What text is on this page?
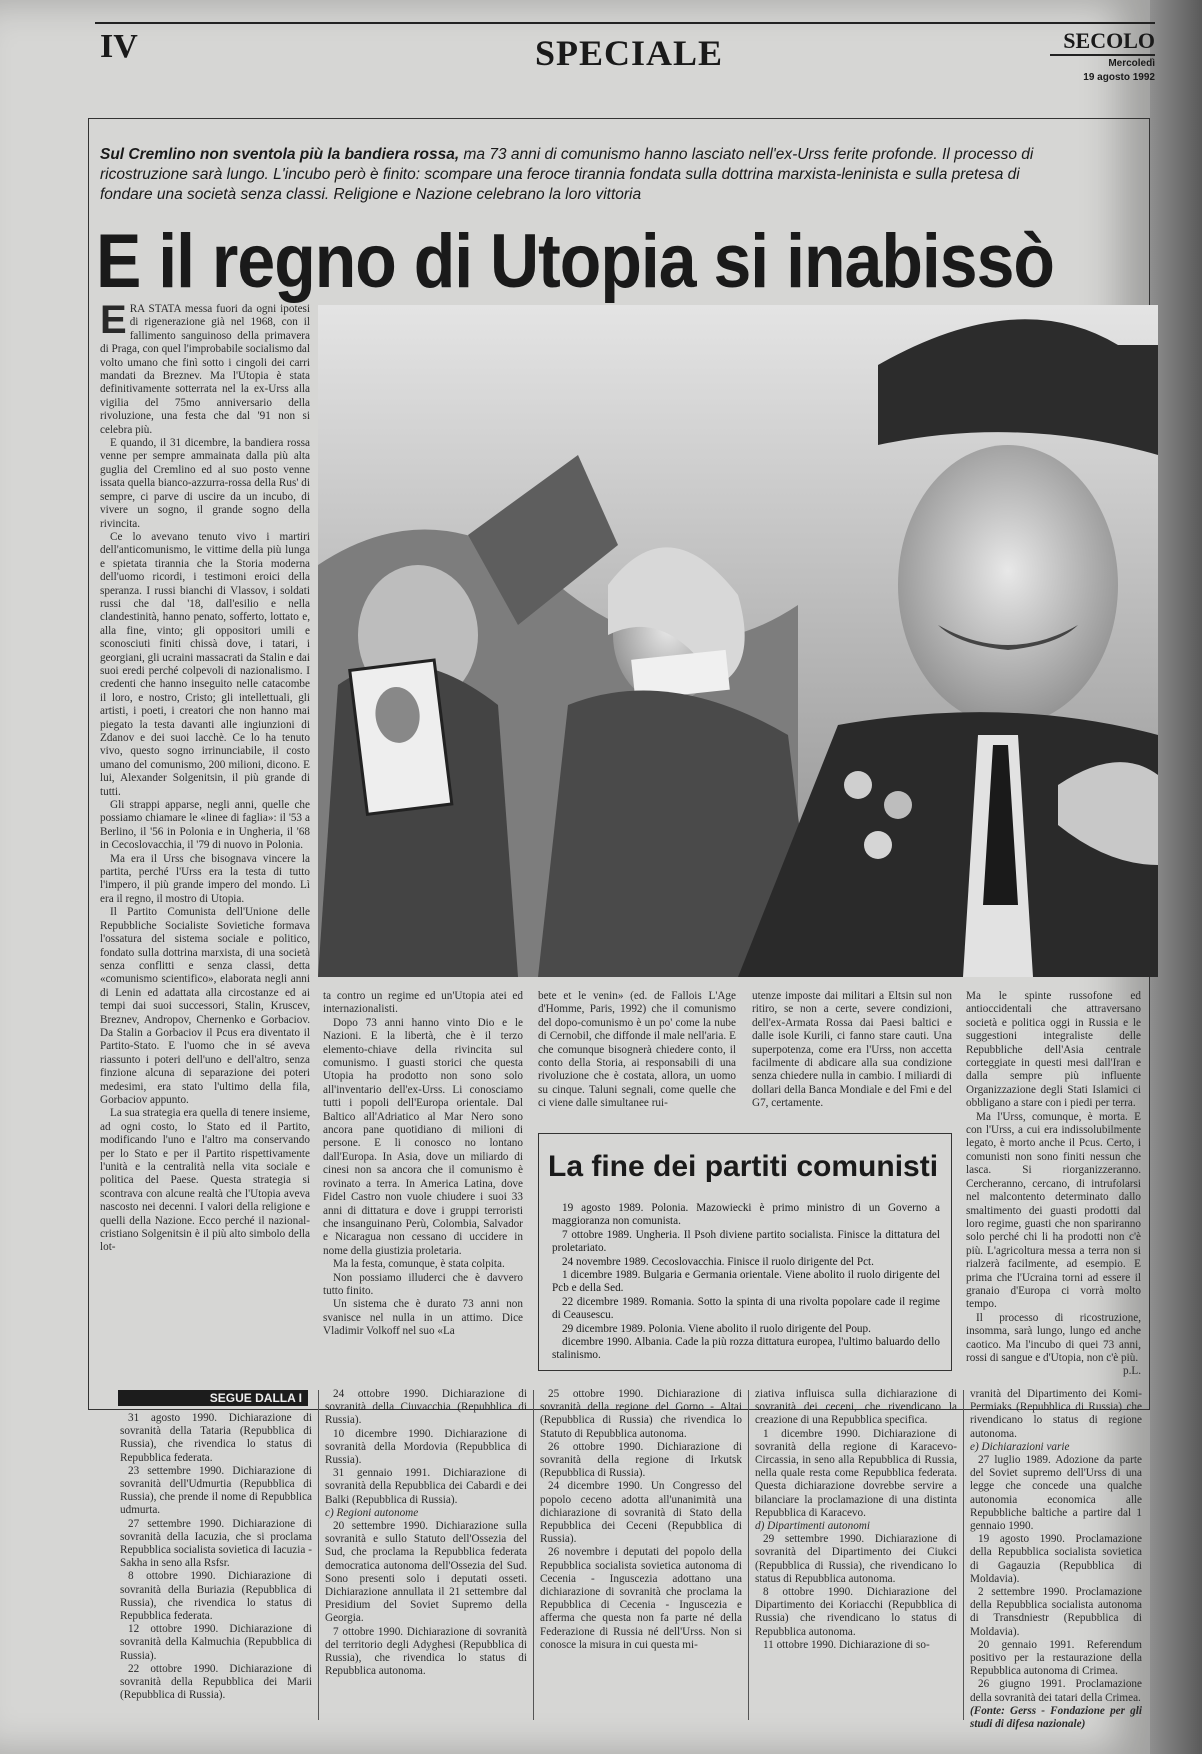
IV	SPECIALE	SECOLO
Mercoledì
19 agosto 1992
Sul Cremlino non sventola più la bandiera rossa, ma 73 anni di comunismo hanno lasciato nell'ex-Urss ferite profonde. Il processo di ricostruzione sarà lungo. L'incubo però è finito: scompare una feroce tirannia fondata sulla dottrina marxista-leninista e sulla pretesa di fondare una società senza classi. Religione e Nazione celebrano la loro vittoria
E il regno di Utopia si inabissò
E RA STATA messa fuori da ogni ipotesi di rigenerazione già nel 1968, con il fallimento sanguinoso della primavera di Praga, con quel l'improbabile socialismo dal volto umano che finì sotto i cingoli dei carri mandati da Breznev. Ma l'Utopia è stata definitivamente sotterrata nel la ex-Urss alla vigilia del 75mo anniversario della rivoluzione, una festa che dal '91 non si celebra più.

E quando, il 31 dicembre, la bandiera rossa venne per sempre ammainata dalla più alta guglia del Cremlino ed al suo posto venne issata quella bianco-azzurra-rossa della Rus' di sempre, ci parve di uscire da un incubo, di vivere un sogno, il grande sogno della rivincita.

Ce lo avevano tenuto vivo i martiri dell'anticomunismo, le vittime della più lunga e spietata tirannia che la Storia moderna dell'uomo ricordi, i testimoni eroici della speranza. I russi bianchi di Vlassov, i soldati russi che dal '18, dall'esilio e nella clandestinità, hanno penato, sofferto, lottato e, alla fine, vinto; gli oppositori umili e sconosciuti finiti chissà dove, i tatari, i georgiani, gli ucraini massacrati da Stalin e dai suoi eredi perché colpevoli di nazionalismo. I credenti che hanno inseguito nelle catacombe il loro, e nostro, Cristo; gli intellettuali, gli artisti, i poeti, i creatori che non hanno mai piegato la testa davanti alle ingiunzioni di Zdanov e dei suoi lacchè. Ce lo ha tenuto vivo, questo sogno irrinunciabile, il costo umano del comunismo, 200 milioni, dicono. E lui, Alexander Solgenitsin, il più grande di tutti.

Gli strappi apparse, negli anni, quelle che possiamo chiamare le «linee di faglia»: il '53 a Berlino, il '56 in Polonia e in Ungheria, il '68 in Cecoslovacchia, il '79 di nuovo in Polonia.

Ma era il Urss che bisognava vincere la partita, perché l'Urss era la testa di tutto l'impero, il più grande impero del mondo. Lì era il regno, il mostro di Utopia.

Il Partito Comunista dell'Unione delle Repubbliche Socialiste Sovietiche formava l'ossatura del sistema sociale e politico, fondato sulla dottrina marxista, di una società senza conflitti e senza classi, detta «comunismo scientifico», elaborata negli anni di Lenin ed adattata alla circostanze ed ai tempi dai suoi successori, Stalin, Kruscev, Breznev, Andropov, Chernenko e Gorbaciov. Da Stalin a Gorbaciov il Pcus era diventato il Partito-Stato. E l'uomo che in sé aveva riassunto i poteri dell'uno e dell'altro, senza finzione alcuna di separazione dei poteri medesimi, era stato l'ultimo della fila, Gorbaciov appunto.

La sua strategia era quella di tenere insieme, ad ogni costo, lo Stato ed il Partito, modificando l'uno e l'altro ma conservando per lo Stato e per il Partito rispettivamente l'unità e la centralità nella vita sociale e politica del Paese. Questa strategia si scontrava con alcune realtà che l'Utopia aveva nascosto nei decenni. I valori della religione e quelli della Nazione. Ecco perché il nazional-cristiano Solgenitsin è il più alto simbolo della lot-

ta contro un regime ed un'Utopia atei ed internazionalisti.

Dopo 73 anni hanno vinto Dio e le Nazioni. E la libertà, che è il terzo elemento-chiave della rivincita sul comunismo. I guasti storici che questa Utopia ha prodotto non sono solo all'inventario dell'ex-Urss. Li conosciamo tutti i popoli dell'Europa orientale. Dal Baltico all'Adriatico al Mar Nero sono ancora pane quotidiano di milioni di persone. E li conosco no lontano dall'Europa. In Asia, dove un miliardo di cinesi non sa ancora che il comunismo è rovinato a terra. In America Latina, dove Fidel Castro non vuole chiudere i suoi 33 anni di dittatura e dove i gruppi terroristi che insanguinano Perù, Colombia, Salvador e Nicaragua non cessano di uccidere in nome della giustizia proletaria.

Ma la festa, comunque, è stata colpita.

Non possiamo illuderci che è davvero tutto finito.

Un sistema che è durato 73 anni non svanisce nel nulla in un attimo. Dice Vladimir Volkoff nel suo «La

bete et le venin» (ed. de Fallois L'Age d'Homme, Paris, 1992) che il comunismo del dopo-comunismo è un po' come la nube di Cernobil, che diffonde il male nell'aria. E che comunque bisognerà chiedere conto, il conto della Storia, ai responsabili di una rivoluzione che è costata, allora, un uomo su cinque. Taluni segnali, come quelle che ci viene dalle simultanee rui-

utenze imposte dai militari a Eltsin sul non ritiro, se non a certe, severe condizioni, dell'ex-Armata Rossa dai Paesi baltici e dalle isole Kurili, ci fanno stare cauti. Una superpotenza, come era l'Urss, non accetta facilmente di abdicare alla sua condizione senza chiedere nulla in cambio. I miliardi di dollari della Banca Mondiale e del Fmi e del G7, certamente.

Ma le spinte russofone ed antioccidentali che attraversano società e politica oggi in Russia e le suggestioni integraliste delle Repubbliche dell'Asia centrale corteggiate in questi mesi dall'Iran e dalla sempre più influente Organizzazione degli Stati Islamici ci obbligano a stare con i piedi per terra.

Ma l'Urss, comunque, è morta. E con l'Urss, a cui era indissolubilmente legato, è morto anche il Pcus. Certo, i comunisti non sono finiti nessun che lasca. Si riorganizzeranno. Cercheranno, cercano, di intrufolarsi nel malcontento determinato dallo smaltimento dei guasti prodotti dal loro regime, guasti che non spariranno solo perché chi li ha prodotti non c'è più. L'agricoltura messa a terra non si rialzerà facilmente, ad esempio. E prima che l'Ucraina torni ad essere il granaio d'Europa ci vorrà molto tempo.

Il processo di ricostruzione, insomma, sarà lungo, lungo ed anche caotico. Ma l'incubo di quei 73 anni, rossi di sangue e d'Utopia, non c'è più.

p.L.

La fine dei partiti comunisti

19 agosto 1989. Polonia. Mazowiecki è primo ministro di un Governo a maggioranza non comunista.

7 ottobre 1989. Ungheria. Il Psoh diviene partito socialista. Finisce la dittatura del proletariato.

24 novembre 1989. Cecoslovacchia. Finisce il ruolo dirigente del Pct.

1 dicembre 1989. Bulgaria e Germania orientale. Viene abolito il ruolo dirigente del Pcb e della Sed.

22 dicembre 1989. Romania. Sotto la spinta di una rivolta popolare cade il regime di Ceausescu.

29 dicembre 1989. Polonia. Viene abolito il ruolo dirigente del Poup.

dicembre 1990. Albania. Cade la più rozza dittatura europea, l'ultimo baluardo dello stalinismo.

SEGUE DALLA I

31 agosto 1990. Dichiarazione di sovranità della Tataria (Repubblica di Russia), che rivendica lo status di Repubblica federata.

23 settembre 1990. Dichiarazione di sovranità dell'Udmurtia (Repubblica di Russia), che prende il nome di Repubblica udmurta.

27 settembre 1990. Dichiarazione di sovranità della Iacuzia, che si proclama Repubblica socialista sovietica di Iacuzia - Sakha in seno alla Rsfsr.

8 ottobre 1990. Dichiarazione di sovranità della Buriazia (Repubblica di Russia), che rivendica lo status di Repubblica federata.

12 ottobre 1990. Dichiarazione di sovranità della Kalmuchia (Repubblica di Russia).

22 ottobre 1990. Dichiarazione di sovranità della Repubblica dei Marii (Repubblica di Russia).

24 ottobre 1990. Dichiarazione di sovranità della Ciuvacchia (Repubblica di Russia).

10 dicembre 1990. Dichiarazione di sovranità della Mordovia (Repubblica di Russia).

31 gennaio 1991. Dichiarazione di sovranità della Repubblica dei Cabardi e dei Balki (Repubblica di Russia).

c) Regioni autonome

20 settembre 1990. Dichiarazione sulla sovranità e sullo Statuto dell'Ossezia del Sud, che proclama la Repubblica federata democratica autonoma dell'Ossezia del Sud. Sono presenti solo i deputati osseti. Dichiarazione annullata il 21 settembre dal Presidium del Soviet Supremo della Georgia.

7 ottobre 1990. Dichiarazione di sovranità del territorio degli Adyghesi (Repubblica di Russia), che rivendica lo status di Repubblica autonoma.

25 ottobre 1990. Dichiarazione di sovranità della regione del Gorno - Altai (Repubblica di Russia) che rivendica lo Statuto di Repubblica autonoma.

26 ottobre 1990. Dichiarazione di sovranità della regione di Irkutsk (Repubblica di Russia).

24 dicembre 1990. Un Congresso del popolo ceceno adotta all'unanimità una dichiarazione di sovranità di Stato della Repubblica dei Ceceni (Repubblica di Russia).

26 novembre i deputati del popolo della Repubblica socialista sovietica autonoma di Cecenia - Inguscezia adottano una dichiarazione di sovranità che proclama la Repubblica di Cecenia - Inguscezia e afferma che questa non fa parte né della Federazione di Russia né dell'Urss. Non si conosce la misura in cui questa mi-

ziativa influisca sulla dichiarazione di sovranità dei ceceni, che rivendicano la creazione di una Repubblica specifica.

1 dicembre 1990. Dichiarazione di sovranità della regione di Karacevo-Circassia, in seno alla Repubblica di Russia, nella quale resta come Repubblica federata. Questa dichiarazione dovrebbe servire a bilanciare la proclamazione di una distinta Repubblica di Karacevo.

d) Dipartimenti autonomi

29 settembre 1990. Dichiarazione di sovranità del Dipartimento dei Ciukci (Repubblica di Russia), che rivendicano lo status di Repubblica autonoma.

8 ottobre 1990. Dichiarazione del Dipartimento dei Koriacchi (Repubblica di Russia) che rivendicano lo status di Repubblica autonoma.

11 ottobre 1990. Dichiarazione di so-

vranità del Dipartimento dei Komi-Permiaks (Repubblica di Russia) che rivendicano lo status di regione autonoma.

e) Dichiarazioni varie

27 luglio 1989. Adozione da parte del Soviet supremo dell'Urss di una legge che concede una qualche autonomia economica alle Repubbliche baltiche a partire dal 1 gennaio 1990.

19 agosto 1990. Proclamazione della Repubblica socialista sovietica di Gagauzia (Repubblica di Moldavia).

2 settembre 1990. Proclamazione della Repubblica socialista autonoma di Transdniestr (Repubblica di Moldavia).

20 gennaio 1991. Referendum positivo per la restaurazione della Repubblica autonoma di Crimea.

26 giugno 1991. Proclamazione della sovranità dei tatari della Crimea.

(Fonte: Gerss - Fondazione per gli studi di difesa nazionale)
